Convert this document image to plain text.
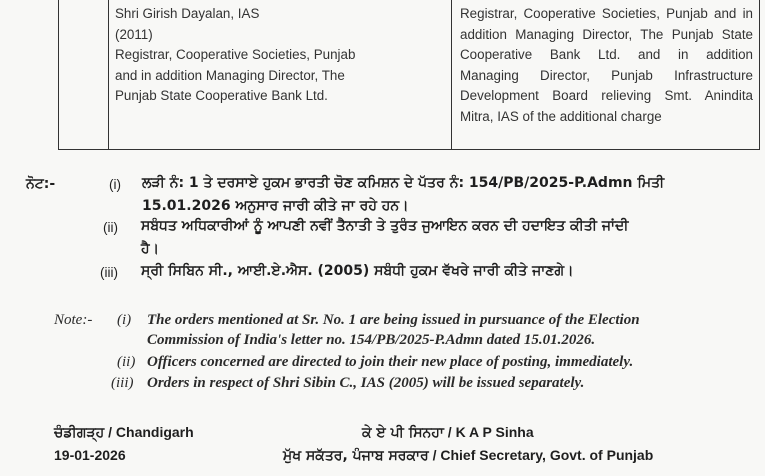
Shri Girish Dayalan, IAS
(2011)
Registrar, Cooperative Societies, Punjab
and in addition Managing Director, The
Punjab State Cooperative Bank Ltd.
Registrar, Cooperative Societies, Punjab and in
addition Managing Director, The Punjab State
Cooperative Bank Ltd. and in addition
Managing Director, Punjab Infrastructure
Development Board relieving Smt. Anindita
Mitra, IAS of the additional charge
ਨੋਟ:-	(i) ਲੜੀ ਨੰ: 1 ਤੇ ਦਰਸਾਏ ਹੁਕਮ ਭਾਰਤੀ ਚੋਣ ਕਮਿਸ਼ਨ ਦੇ ਪੱਤਰ ਨੰ: 154/PB/2025-P.Admn ਮਿਤੀ
15.01.2026 ਅਨੁਸਾਰ ਜਾਰੀ ਕੀਤੇ ਜਾ ਰਹੇ ਹਨ।
(ii) ਸਬੰਧਤ ਅਧਿਕਾਰੀਆਂ ਨੂੰ ਆਪਣੀ ਨਵੀਂ ਤੈਨਾਤੀ ਤੇ ਤੁਰੰਤ ਜੁਆਇਨ ਕਰਨ ਦੀ ਹਦਾਇਤ ਕੀਤੀ ਜਾਂਦੀ
ਹੈ।
(iii) ਸ੍ਰੀ ਸਿਬਿਨ ਸੀ., ਆਈ.ਏ.ਐਸ. (2005) ਸਬੰਧੀ ਹੁਕਮ ਵੱਖਰੇ ਜਾਰੀ ਕੀਤੇ ਜਾਣਗੇ।
Note:- (i) The orders mentioned at Sr. No. 1 are being issued in pursuance of the Election
Commission of India's letter no. 154/PB/2025-P.Admn dated 15.01.2026.
(ii) Officers concerned are directed to join their new place of posting, immediately.
(iii) Orders in respect of Shri Sibin C., IAS (2005) will be issued separately.
ਚੰਡੀਗੜ੍ਹ / Chandigarh
19-01-2026
ਕੇ ਏ ਪੀ ਸਿਨਹਾ / K A P Sinha
ਮੁੱਖ ਸਕੱਤਰ, ਪੰਜਾਬ ਸਰਕਾਰ / Chief Secretary, Govt. of Punjab
